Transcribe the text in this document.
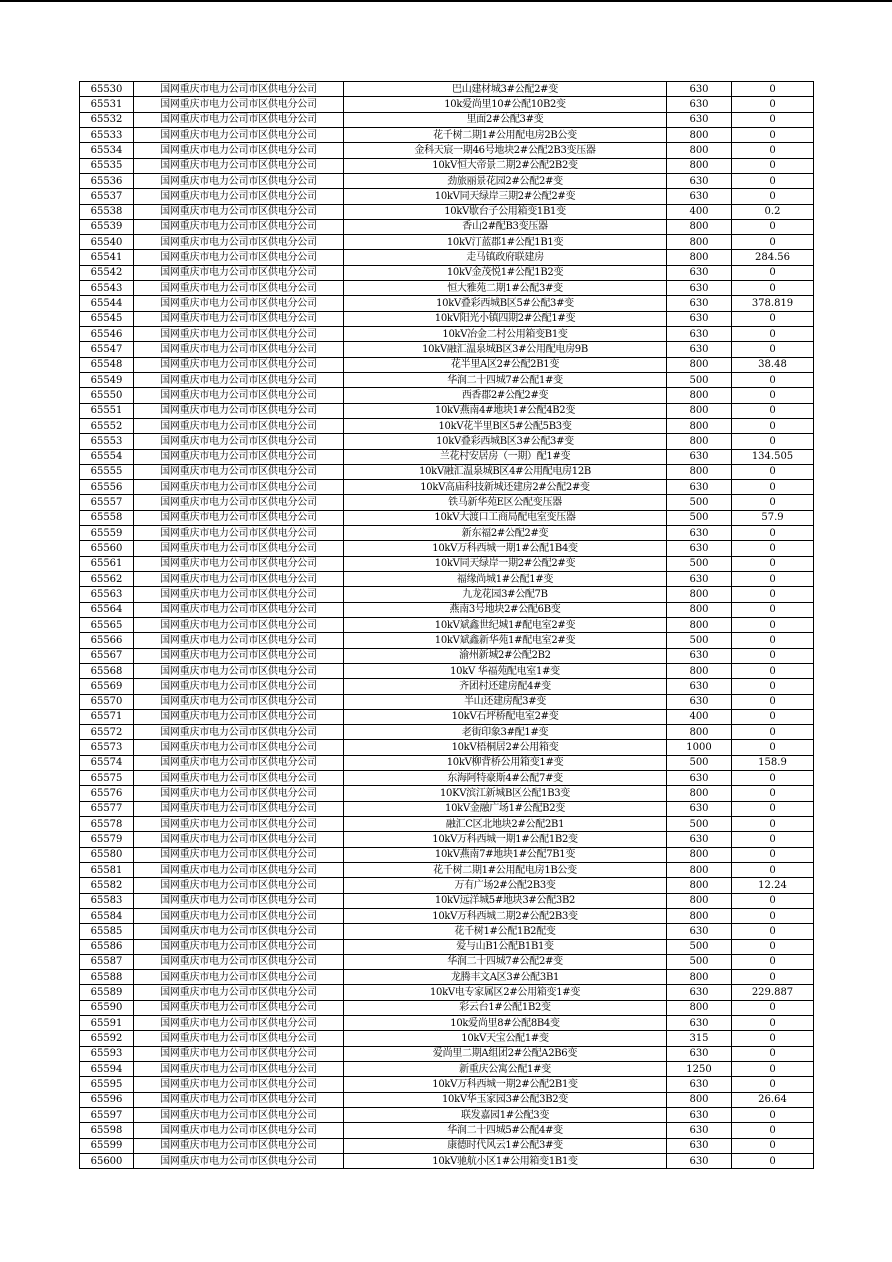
65530	国网重庆市电力公司市区供电分公司	巴山建材城3#公配2#变	630	0
65531	国网重庆市电力公司市区供电分公司	10k爱尚里10#公配10B2变	630	0
65532	国网重庆市电力公司市区供电分公司	里面2#公配3#变	630	0
65533	国网重庆市电力公司市区供电分公司	花千树二期1#公用配电房2B公变	800	0
65534	国网重庆市电力公司市区供电分公司	金科天宸一期46号地块2#公配2B3变压器	800	0
65535	国网重庆市电力公司市区供电分公司	10kV恒大帝景二期2#公配2B2变	800	0
65536	国网重庆市电力公司市区供电分公司	劲旅丽景花园2#公配2#变	630	0
65537	国网重庆市电力公司市区供电分公司	10kV同天绿岸三期2#公配2#变	630	0
65538	国网重庆市电力公司市区供电分公司	10kV歇台子公用箱变1B1变	400	0.2
65539	国网重庆市电力公司市区供电分公司	香山2#配B3变压器	800	0
65540	国网重庆市电力公司市区供电分公司	10kV汀蓝郡1#公配1B1变	800	0
65541	国网重庆市电力公司市区供电分公司	走马镇政府联建房	800	284.56
65542	国网重庆市电力公司市区供电分公司	10kV金茂悦1#公配1B2变	630	0
65543	国网重庆市电力公司市区供电分公司	恒大雅苑二期1#公配3#变	630	0
65544	国网重庆市电力公司市区供电分公司	10kV叠彩西城B区5#公配3#变	630	378.819
65545	国网重庆市电力公司市区供电分公司	10kV阳光小镇四期2#公配1#变	630	0
65546	国网重庆市电力公司市区供电分公司	10kV冶金二村公用箱变B1变	630	0
65547	国网重庆市电力公司市区供电分公司	10kV融汇温泉城B区3#公用配电房9B	630	0
65548	国网重庆市电力公司市区供电分公司	花半里A区2#公配2B1变	800	38.48
65549	国网重庆市电力公司市区供电分公司	华润二十四城7#公配1#变	500	0
65550	国网重庆市电力公司市区供电分公司	西香郡2#公配2#变	800	0
65551	国网重庆市电力公司市区供电分公司	10kV燕南4#地块1#公配4B2变	800	0
65552	国网重庆市电力公司市区供电分公司	10kV花半里B区5#公配5B3变	800	0
65553	国网重庆市电力公司市区供电分公司	10kV叠彩西城B区3#公配3#变	800	0
65554	国网重庆市电力公司市区供电分公司	兰花村安居房（一期）配1#变	630	134.505
65555	国网重庆市电力公司市区供电分公司	10kV融汇温泉城B区4#公用配电房12B	800	0
65556	国网重庆市电力公司市区供电分公司	10kV高庙科技新城还建房2#公配2#变	630	0
65557	国网重庆市电力公司市区供电分公司	铁马新华苑E区公配变压器	500	0
65558	国网重庆市电力公司市区供电分公司	10kV大渡口工商局配电室变压器	500	57.9
65559	国网重庆市电力公司市区供电分公司	新东福2#公配2#变	630	0
65560	国网重庆市电力公司市区供电分公司	10kV万科西城一期1#公配1B4变	630	0
65561	国网重庆市电力公司市区供电分公司	10kV同天绿岸一期2#公配2#变	500	0
65562	国网重庆市电力公司市区供电分公司	福缘尚城1#公配1#变	630	0
65563	国网重庆市电力公司市区供电分公司	九龙花园3#公配7B	800	0
65564	国网重庆市电力公司市区供电分公司	燕南3号地块2#公配6B变	800	0
65565	国网重庆市电力公司市区供电分公司	10kV斌鑫世纪城1#配电室2#变	800	0
65566	国网重庆市电力公司市区供电分公司	10kV斌鑫新华苑1#配电室2#变	500	0
65567	国网重庆市电力公司市区供电分公司	渝州新城2#公配2B2	630	0
65568	国网重庆市电力公司市区供电分公司	10kV 华福苑配电室1#变	800	0
65569	国网重庆市电力公司市区供电分公司	齐团村还建房配4#变	630	0
65570	国网重庆市电力公司市区供电分公司	半山还建房配3#变	630	0
65571	国网重庆市电力公司市区供电分公司	10kV石坪桥配电室2#变	400	0
65572	国网重庆市电力公司市区供电分公司	老街印象3#配1#变	800	0
65573	国网重庆市电力公司市区供电分公司	10kV梧桐居2#公用箱变	1000	0
65574	国网重庆市电力公司市区供电分公司	10kV柳背桥公用箱变1#变	500	158.9
65575	国网重庆市电力公司市区供电分公司	东海阿特豪斯4#公配7#变	630	0
65576	国网重庆市电力公司市区供电分公司	10KV滨江新城B区公配1B3变	800	0
65577	国网重庆市电力公司市区供电分公司	10kV金融广场1#公配B2变	630	0
65578	国网重庆市电力公司市区供电分公司	融汇C区北地块2#公配2B1	500	0
65579	国网重庆市电力公司市区供电分公司	10kV万科西城一期1#公配1B2变	630	0
65580	国网重庆市电力公司市区供电分公司	10kV燕南7#地块1#公配7B1变	800	0
65581	国网重庆市电力公司市区供电分公司	花千树二期1#公用配电房1B公变	800	0
65582	国网重庆市电力公司市区供电分公司	万有广场2#公配2B3变	800	12.24
65583	国网重庆市电力公司市区供电分公司	10kV远洋城5#地块3#公配3B2	800	0
65584	国网重庆市电力公司市区供电分公司	10kV万科西城二期2#公配2B3变	800	0
65585	国网重庆市电力公司市区供电分公司	花千树1#公配1B2配变	630	0
65586	国网重庆市电力公司市区供电分公司	爱与山B1公配B1B1变	500	0
65587	国网重庆市电力公司市区供电分公司	华润二十四城7#公配2#变	500	0
65588	国网重庆市电力公司市区供电分公司	龙腾丰文A区3#公配3B1	800	0
65589	国网重庆市电力公司市区供电分公司	10kV电专家属区2#公用箱变1#变	630	229.887
65590	国网重庆市电力公司市区供电分公司	彩云台1#公配1B2变	800	0
65591	国网重庆市电力公司市区供电分公司	10k爱尚里8#公配8B4变	630	0
65592	国网重庆市电力公司市区供电分公司	10kV天宝公配1#变	315	0
65593	国网重庆市电力公司市区供电分公司	爱尚里二期A组团2#公配A2B6变	630	0
65594	国网重庆市电力公司市区供电分公司	新重庆公寓公配1#变	1250	0
65595	国网重庆市电力公司市区供电分公司	10kV万科西城一期2#公配2B1变	630	0
65596	国网重庆市电力公司市区供电分公司	10kV华玉家园3#公配3B2变	800	26.64
65597	国网重庆市电力公司市区供电分公司	联发嘉园1#公配3变	630	0
65598	国网重庆市电力公司市区供电分公司	华润二十四城5#公配4#变	630	0
65599	国网重庆市电力公司市区供电分公司	康德时代风云1#公配3#变	630	0
65600	国网重庆市电力公司市区供电分公司	10kV驰航小区1#公用箱变1B1变	630	0
